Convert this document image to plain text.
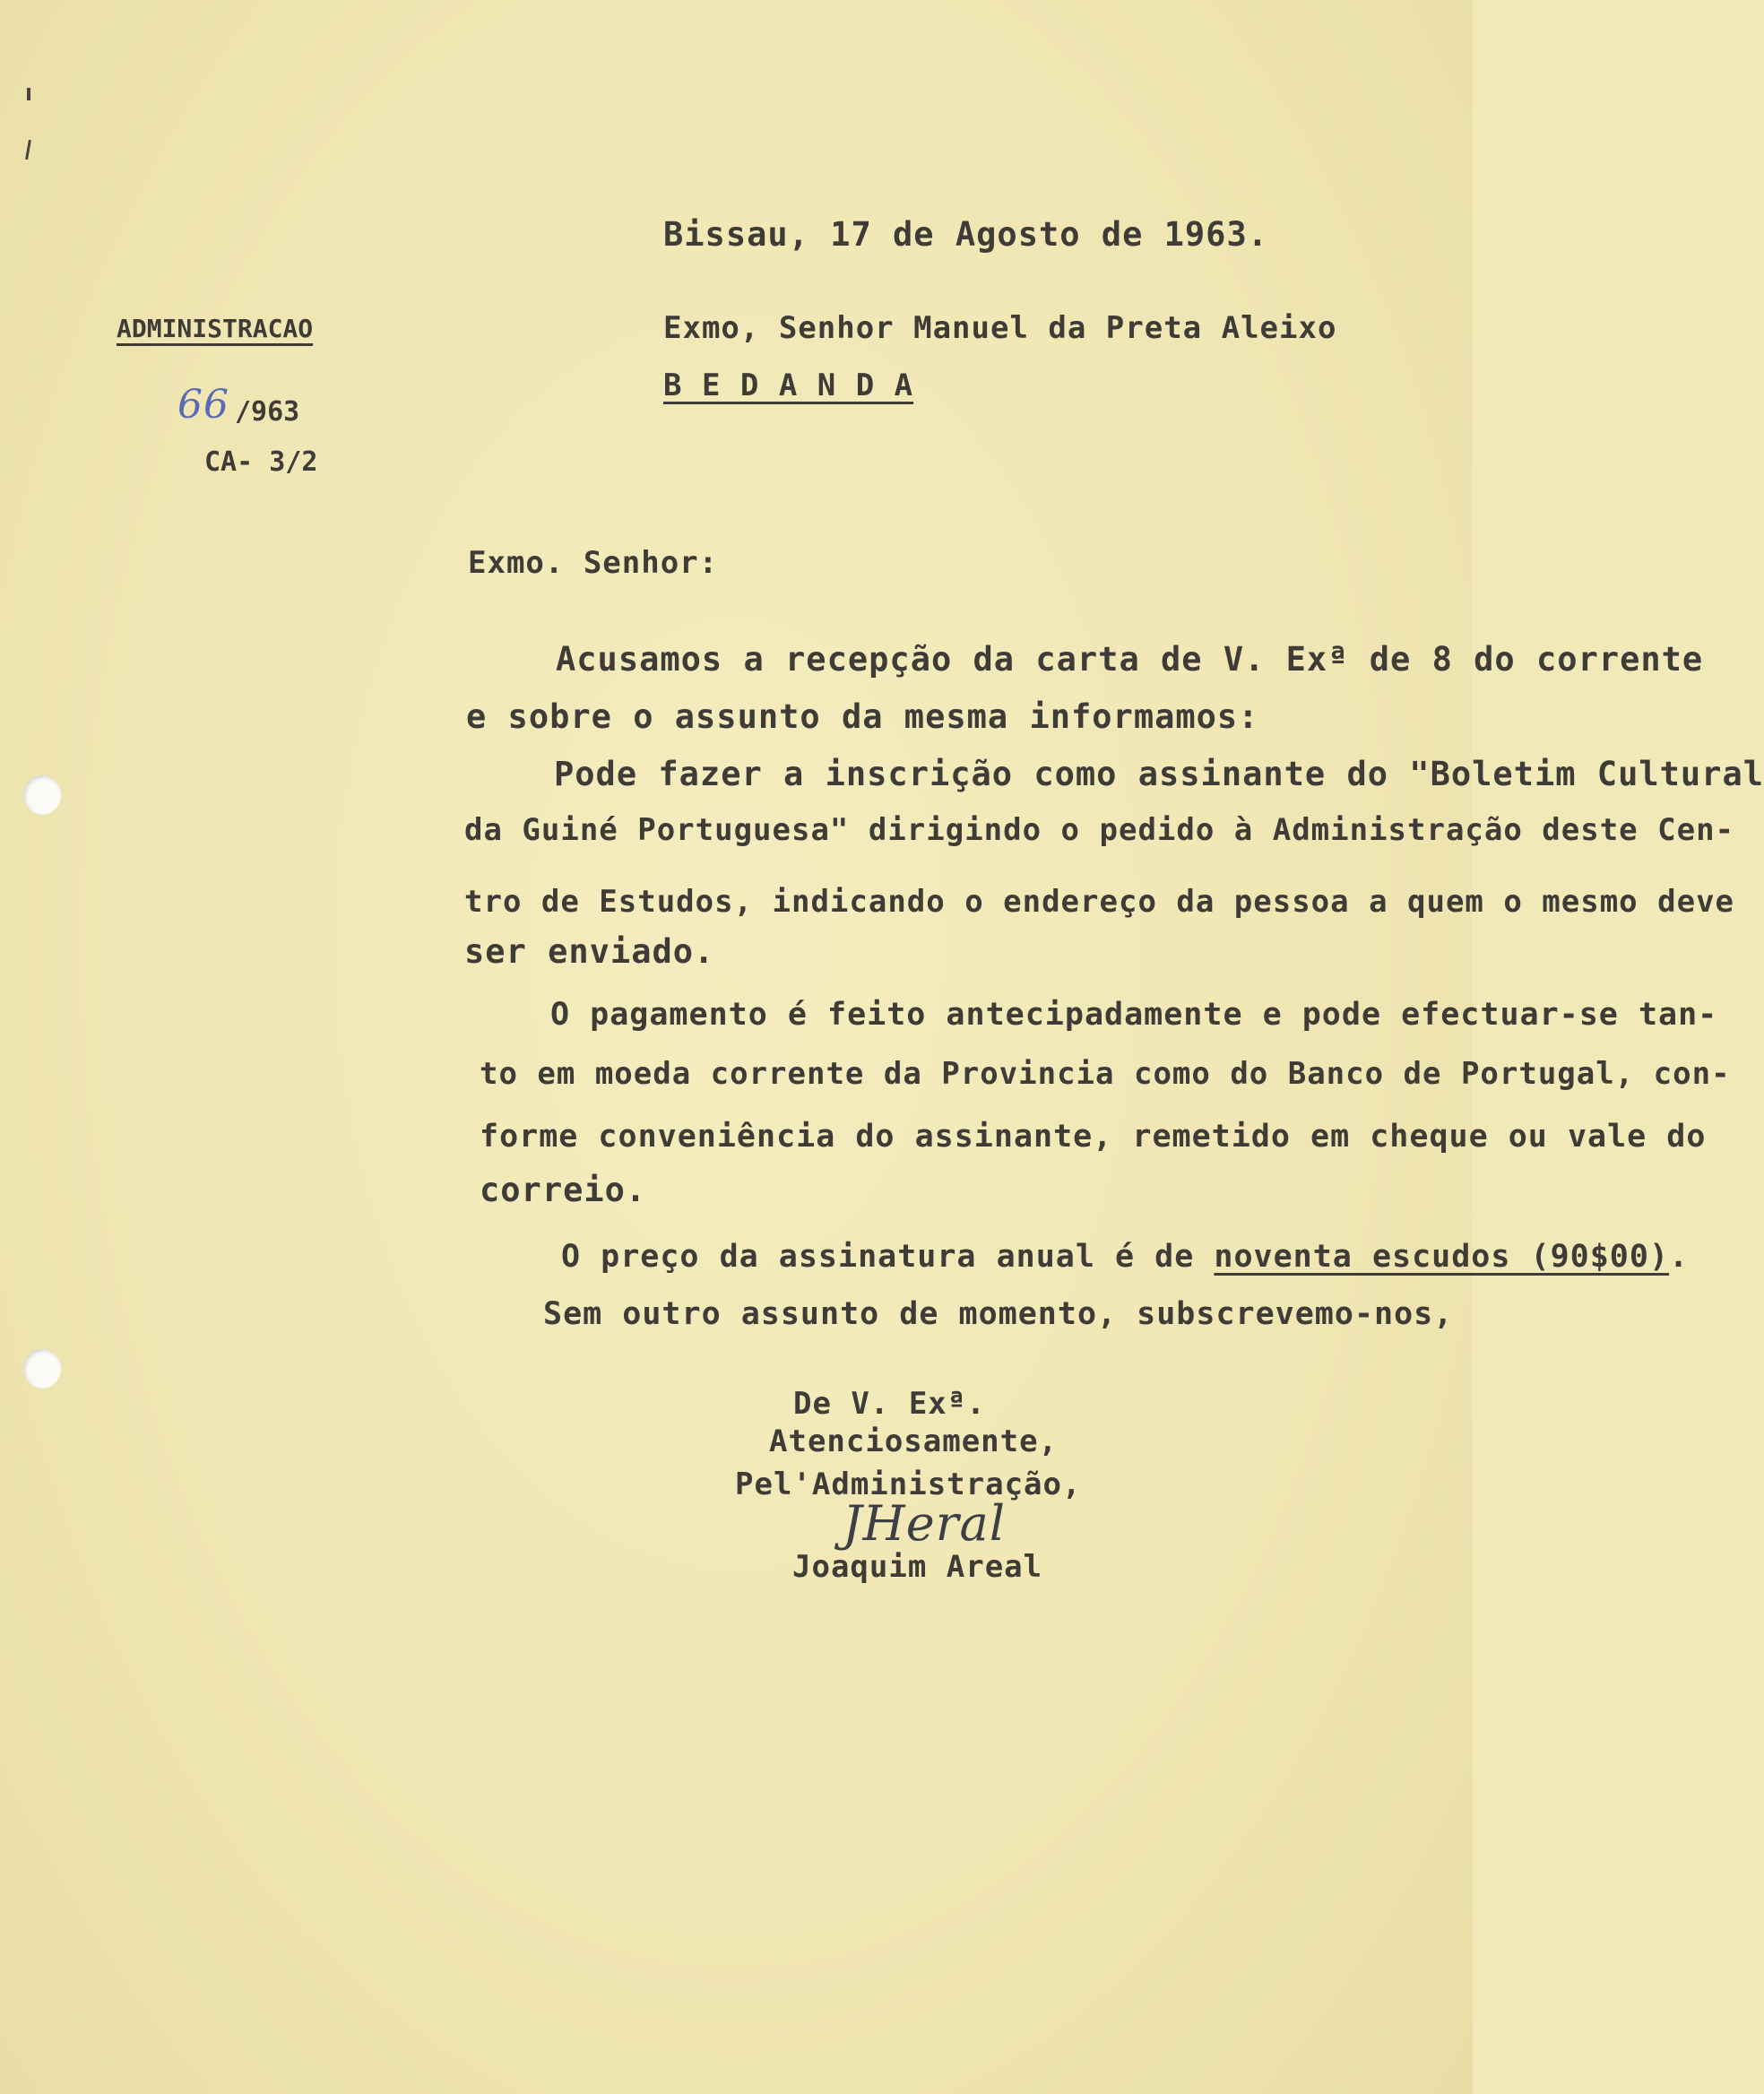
Bissau, 17 de Agosto de 1963.
Exmo, Senhor Manuel da Preta Aleixo
B E D A N D A
ADMINISTRACAO
66 /963
CA- 3/2
Exmo. Senhor:
Acusamos a recepção da carta de V. Exª de 8 do corrente
e sobre o assunto da mesma informamos:
Pode fazer a inscrição como assinante do "Boletim Cultural
da Guiné Portuguesa" dirigindo o pedido à Administração deste Cen-
tro de Estudos, indicando o endereço da pessoa a quem o mesmo deve
ser enviado.
O pagamento é feito antecipadamente e pode efectuar-se tan-
to em moeda corrente da Provincia como do Banco de Portugal, con-
forme conveniência do assinante, remetido em cheque ou vale do
correio.
O preço da assinatura anual é de noventa escudos (90$00).
Sem outro assunto de momento, subscrevemo-nos,
De V. Exª.
Atenciosamente,
Pel'Administração,
JHeral
Joaquim Areal
